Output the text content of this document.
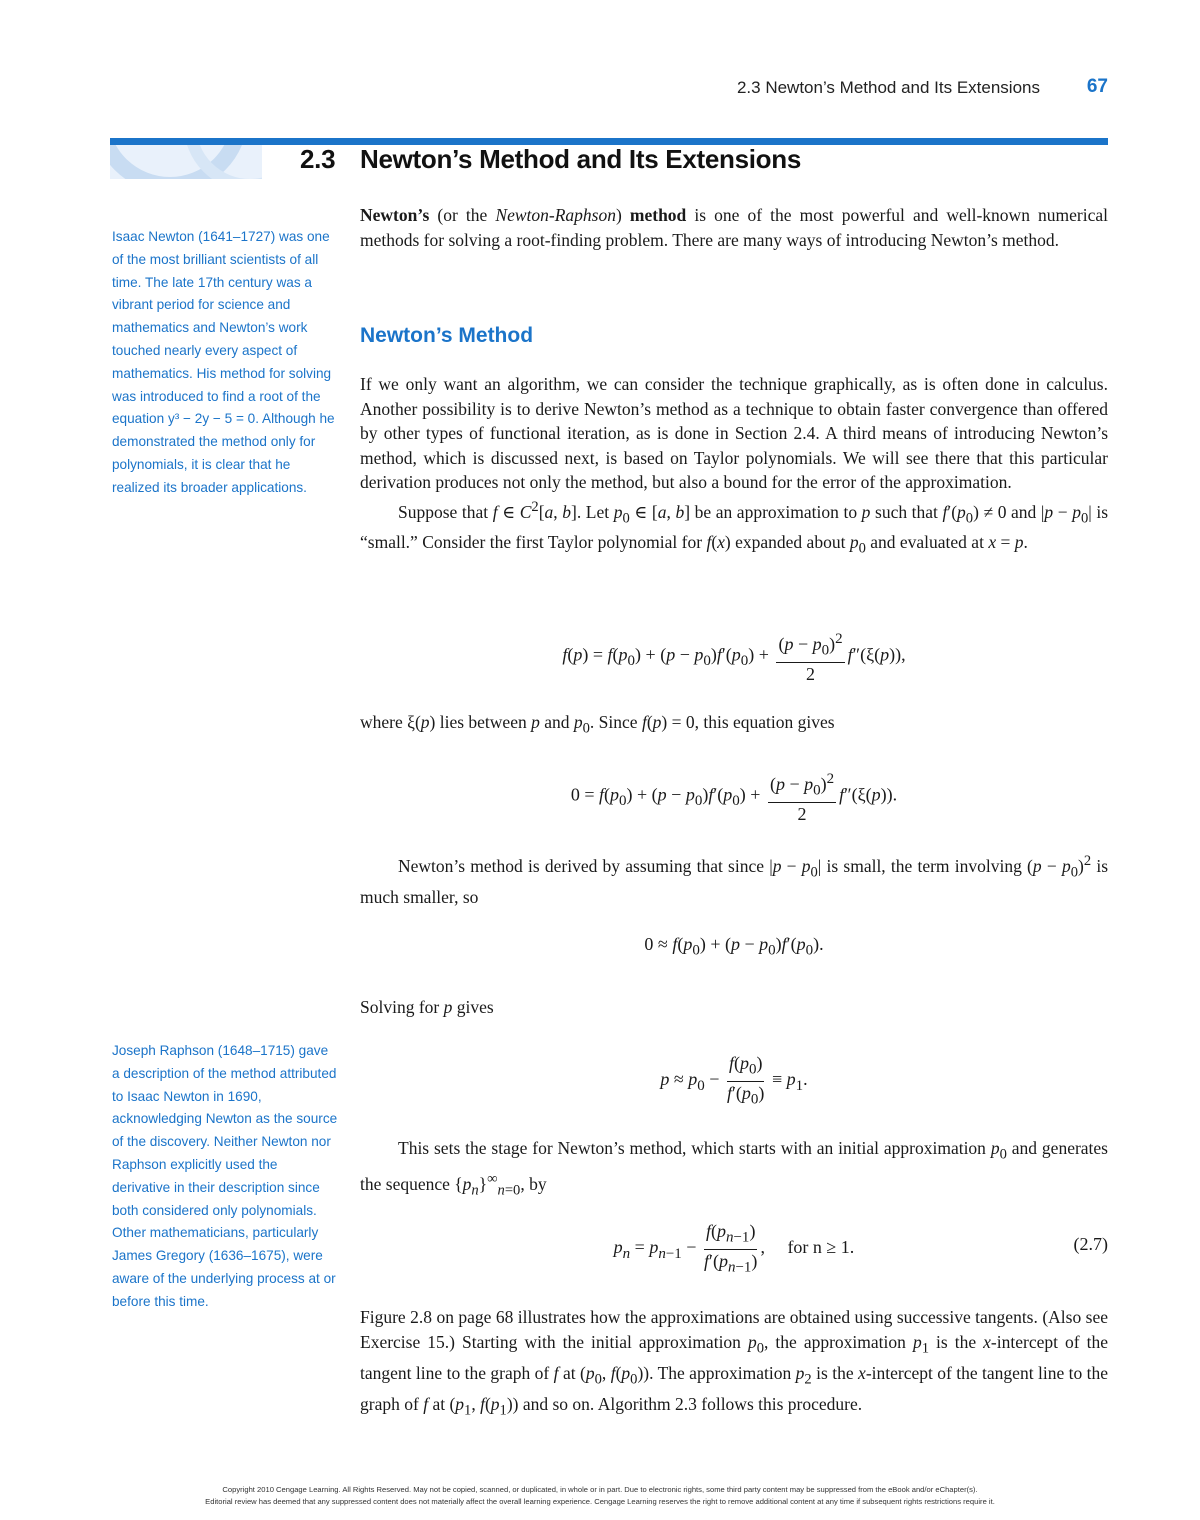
2.3 Newton’s Method and Its Extensions 67
2.3 Newton’s Method and Its Extensions
Isaac Newton (1641–1727) was one of the most brilliant scientists of all time. The late 17th century was a vibrant period for science and mathematics and Newton’s work touched nearly every aspect of mathematics. His method for solving was introduced to find a root of the equation y³ − 2y − 5 = 0. Although he demonstrated the method only for polynomials, it is clear that he realized its broader applications.
Joseph Raphson (1648–1715) gave a description of the method attributed to Isaac Newton in 1690, acknowledging Newton as the source of the discovery. Neither Newton nor Raphson explicitly used the derivative in their description since both considered only polynomials. Other mathematicians, particularly James Gregory (1636–1675), were aware of the underlying process at or before this time.

Newton’s (or the Newton-Raphson) method is one of the most powerful and well-known numerical methods for solving a root-finding problem. There are many ways of introducing Newton’s method.

Newton’s Method

If we only want an algorithm, we can consider the technique graphically, as is often done in calculus. Another possibility is to derive Newton’s method as a technique to obtain faster convergence than offered by other types of functional iteration, as is done in Section 2.4. A third means of introducing Newton’s method, which is discussed next, is based on Taylor polynomials. We will see there that this particular derivation produces not only the method, but also a bound for the error of the approximation.

Suppose that f ∈ $C^2[a$, b]. Let $p_0$ ∈ [a, b] be an approximation to p such that $f'(p_0) \ne 0$ and $|p - p_0|$ is “small.” Consider the first Taylor polynomial for f(x) expanded about $p_0$ and evaluated at x = p.

$f(p) = f(p_0) + (p - p_0)f'(p_0) + \frac{(p - p_0)^2}{2} f''(\xi(p))$,

where ξ(p) lies between p and $p_0$. Since f(p) = 0, this equation gives

$0 = f(p_0) + (p - p_0)f'(p_0) + \frac{(p - p_0)^2}{2} f''(\xi(p))$.

Newton’s method is derived by assuming that since $|p - p_0|$ is small, the term involving $(p - p_0)^2$ is much smaller, so

$0 \approx f(p_0) + (p - p_0)f'(p_0)$.

Solving for p gives

$p \approx p_0 - \frac{f(p_0)}{f'(p_0)} \equiv p_1$.

This sets the stage for Newton’s method, which starts with an initial approximation $p_0$ and generates the sequence $\{p_n\}^\infty_{n=0}$, by

$p_n = p_{n-1} - \frac{f(p_{n-1})}{f'(p_{n-1})}$ ,     for n ≥ 1.	(2.7)

Figure 2.8 on page 68 illustrates how the approximations are obtained using successive tangents. (Also see Exercise 15.) Starting with the initial approximation $p_0$, the approximation $p_1$ is the x-intercept of the tangent line to the graph of f at ($p_0$, $f(p_0)$). The approximation $p_2$ is the x-intercept of the tangent line to the graph of f at ($p_1$, $f(p_1)$) and so on. Algorithm 2.3 follows this procedure.

Copyright 2010 Cengage Learning. All Rights Reserved. May not be copied, scanned, or duplicated, in whole or in part. Due to electronic rights, some third party content may be suppressed from the eBook and/or eChapter(s).
Editorial review has deemed that any suppressed content does not materially affect the overall learning experience. Cengage Learning reserves the right to remove additional content at any time if subsequent rights restrictions require it.
